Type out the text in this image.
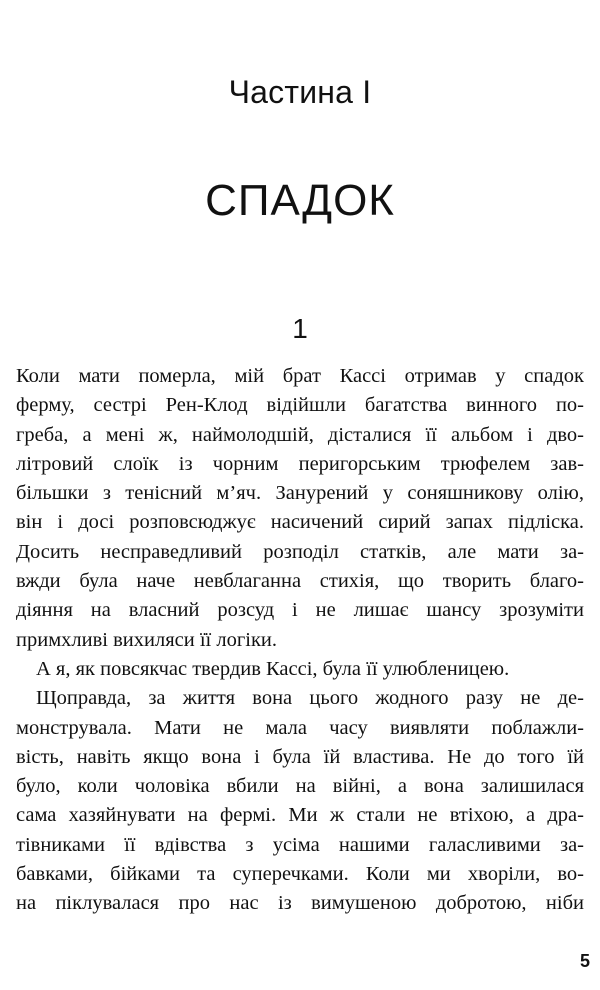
Частина І
СПАДОК
1
Коли мати померла, мій брат Кассі отримав у спадок
ферму, сестрі Рен-Клод відійшли багатства винного по-
греба, а мені ж, наймолодшій, дісталися її альбом і дво-
літровий слоїк із чорним перигорським трюфелем зав-
більшки з тенісний м’яч. Занурений у соняшникову олію,
він і досі розповсюджує насичений сирий запах підліска.
Досить несправедливий розподіл статків, але мати за-
вжди була наче невблаганна стихія, що творить благо-
діяння на власний розсуд і не лишає шансу зрозуміти
примхливі вихиляси її логіки.
А я, як повсякчас твердив Кассі, була її улюбленицею.
Щоправда, за життя вона цього жодного разу не де-
монструвала. Мати не мала часу виявляти поблажли-
вість, навіть якщо вона і була їй властива. Не до того їй
було, коли чоловіка вбили на війні, а вона залишилася
сама хазяйнувати на фермі. Ми ж стали не втіхою, а дра-
тівниками її вдівства з усіма нашими галасливими за-
бавками, бійками та суперечками. Коли ми хворіли, во-
на піклувалася про нас із вимушеною добротою, ніби
5
